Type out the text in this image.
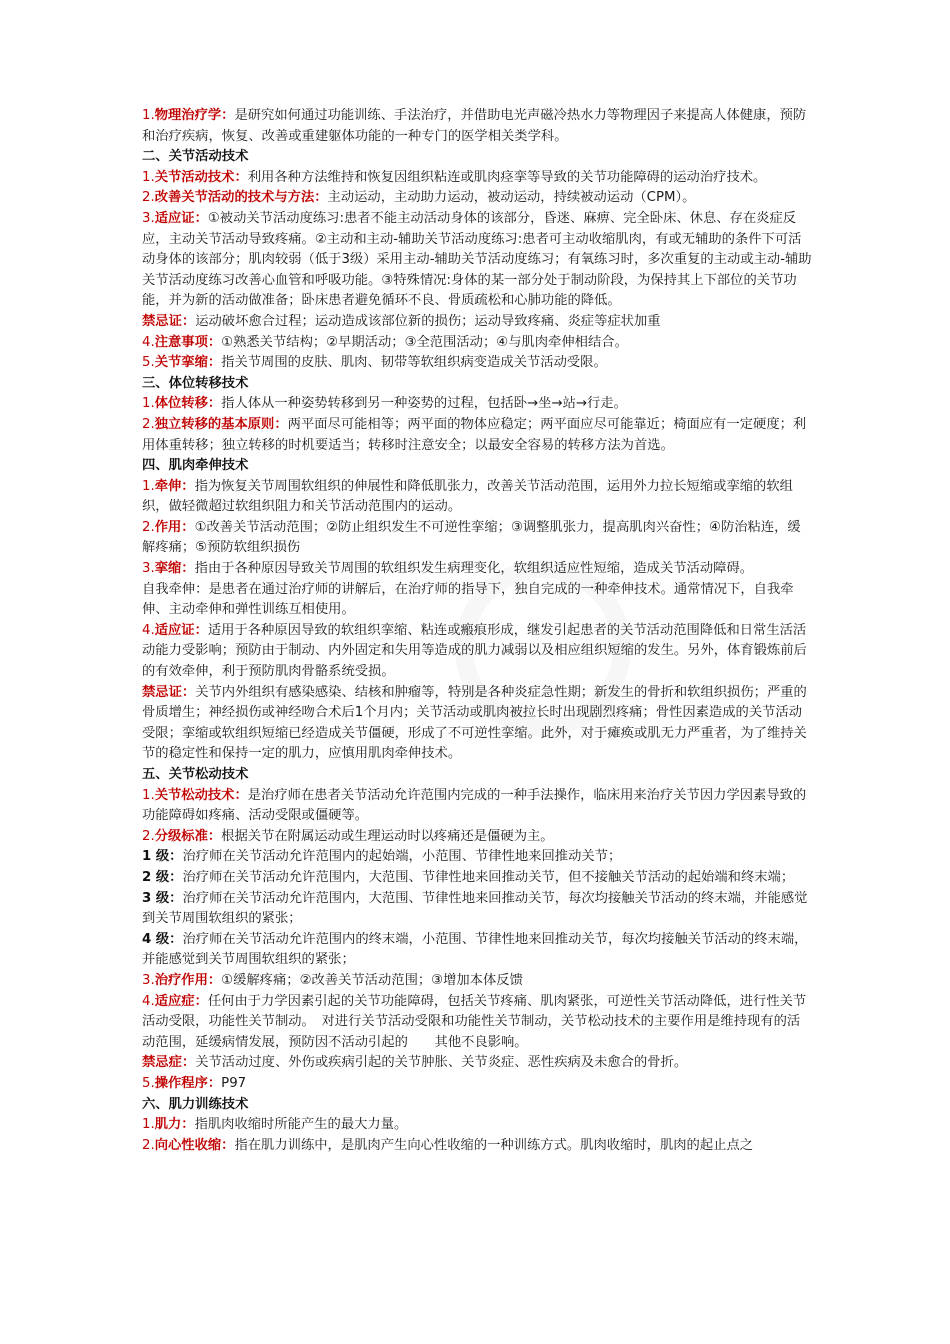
1.物理治疗学：是研究如何通过功能训练、手法治疗，并借助电光声磁冷热水力等物理因子来提高人体健康，预防和治疗疾病，恢复、改善或重建躯体功能的一种专门的医学相关类学科。
二、关节活动技术
1.关节活动技术：利用各种方法维持和恢复因组织粘连或肌肉痉挛等导致的关节功能障碍的运动治疗技术。
2.改善关节活动的技术与方法：主动运动，主动助力运动，被动运动，持续被动运动（CPM）。
3.适应证：①被动关节活动度练习:患者不能主动活动身体的该部分，昏迷、麻痹、完全卧床、休息、存在炎症反应，主动关节活动导致疼痛。②主动和主动-辅助关节活动度练习:患者可主动收缩肌肉，有或无辅助的条件下可活动身体的该部分；肌肉较弱（低于3级）采用主动-辅助关节活动度练习；有氧练习时，多次重复的主动或主动-辅助关节活动度练习改善心血管和呼吸功能。③特殊情况:身体的某一部分处于制动阶段，为保持其上下部位的关节功能，并为新的活动做准备；卧床患者避免循环不良、骨质疏松和心肺功能的降低。
禁忌证：运动破坏愈合过程；运动造成该部位新的损伤；运动导致疼痛、炎症等症状加重
4.注意事项：①熟悉关节结构；②早期活动；③全范围活动；④与肌肉牵伸相结合。
5.关节挛缩：指关节周围的皮肤、肌肉、韧带等软组织病变造成关节活动受限。
三、体位转移技术
1.体位转移：指人体从一种姿势转移到另一种姿势的过程，包括卧→坐→站→行走。
2.独立转移的基本原则：两平面尽可能相等；两平面的物体应稳定；两平面应尽可能靠近；椅面应有一定硬度；利用体重转移；独立转移的时机要适当；转移时注意安全；以最安全容易的转移方法为首选。
四、肌肉牵伸技术
1.牵伸：指为恢复关节周围软组织的伸展性和降低肌张力，改善关节活动范围，运用外力拉长短缩或挛缩的软组织，做轻微超过软组织阻力和关节活动范围内的运动。
2.作用：①改善关节活动范围；②防止组织发生不可逆性挛缩；③调整肌张力，提高肌肉兴奋性；④防治粘连，缓解疼痛；⑤预防软组织损伤
3.挛缩：指由于各种原因导致关节周围的软组织发生病理变化，软组织适应性短缩，造成关节活动障碍。
自我牵伸：是患者在通过治疗师的讲解后，在治疗师的指导下，独自完成的一种牵伸技术。通常情况下，自我牵伸、主动牵伸和弹性训练互相使用。
4.适应证：适用于各种原因导致的软组织挛缩、粘连或瘢痕形成，继发引起患者的关节活动范围降低和日常生活活动能力受影响；预防由于制动、内外固定和失用等造成的肌力减弱以及相应组织短缩的发生。另外，体育锻炼前后的有效牵伸，利于预防肌肉骨骼系统受损。
禁忌证：关节内外组织有感染感染、结核和肿瘤等，特别是各种炎症急性期；新发生的骨折和软组织损伤；严重的骨质增生；神经损伤或神经吻合术后1个月内；关节活动或肌肉被拉长时出现剧烈疼痛；骨性因素造成的关节活动受限；挛缩或软组织短缩已经造成关节僵硬，形成了不可逆性挛缩。此外，对于瘫痪或肌无力严重者，为了维持关节的稳定性和保持一定的肌力，应慎用肌肉牵伸技术。
五、关节松动技术
1.关节松动技术：是治疗师在患者关节活动允许范围内完成的一种手法操作，临床用来治疗关节因力学因素导致的功能障碍如疼痛、活动受限或僵硬等。
2.分级标准：根据关节在附属运动或生理运动时以疼痛还是僵硬为主。
1 级：治疗师在关节活动允许范围内的起始端，小范围、节律性地来回推动关节；
2 级：治疗师在关节活动允许范围内，大范围、节律性地来回推动关节，但不接触关节活动的起始端和终末端；
3 级：治疗师在关节活动允许范围内，大范围、节律性地来回推动关节，每次均接触关节活动的终末端，并能感觉到关节周围软组织的紧张；
4 级：治疗师在关节活动允许范围内的终末端，小范围、节律性地来回推动关节，每次均接触关节活动的终末端，并能感觉到关节周围软组织的紧张；
3.治疗作用：①缓解疼痛；②改善关节活动范围；③增加本体反馈
4.适应症：任何由于力学因素引起的关节功能障碍，包括关节疼痛、肌肉紧张，可逆性关节活动降低，进行性关节活动受限，功能性关节制动。　对进行关节活动受限和功能性关节制动，关节松动技术的主要作用是维持现有的活动范围，延缓病情发展，预防因不活动引起的　　其他不良影响。
禁忌症：关节活动过度、外伤或疾病引起的关节肿胀、关节炎症、恶性疾病及未愈合的骨折。
5.操作程序：P97
六、肌力训练技术
1.肌力：指肌肉收缩时所能产生的最大力量。
2.向心性收缩：指在肌力训练中，是肌肉产生向心性收缩的一种训练方式。肌肉收缩时，肌肉的起止点之
